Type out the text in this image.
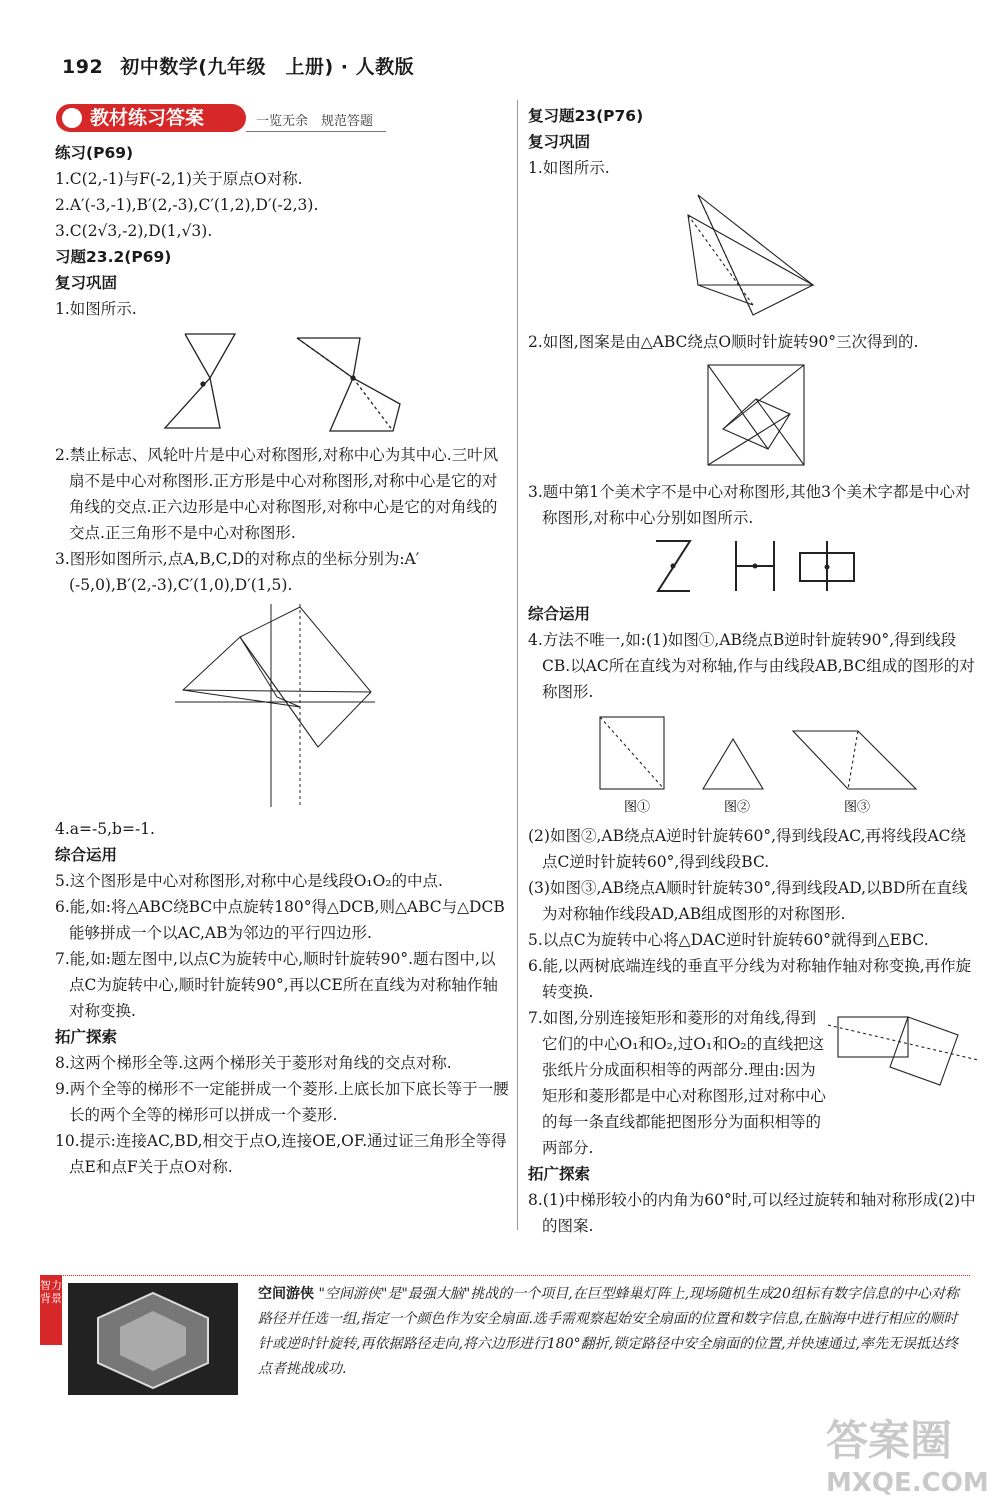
192 初中数学(九年级　上册) · 人教版
教材练习答案	一览无余　规范答题
练习(P69)

1.C(2,-1)与F(-2,1)关于原点O对称.

2.A′(-3,-1),B′(2,-3),C′(1,2),D′(-2,3).

3.C(2√3,-2),D(1,√3).

习题23.2(P69)
复习巩固

1.如图所示.

2.禁止标志、风轮叶片是中心对称图形,对称中心为其中心.三叶风扇不是中心对称图形.正方形是中心对称图形,对称中心是它的对角线的交点.正六边形是中心对称图形,对称中心是它的对角线的交点.正三角形不是中心对称图形.

3.图形如图所示,点A,B,C,D的对称点的坐标分别为:A′(-5,0),B′(2,-3),C′(1,0),D′(1,5).

4.a=-5,b=-1.

综合运用

5.这个图形是中心对称图形,对称中心是线段O₁O₂的中点.

6.能,如:将△ABC绕BC中点旋转180°得△DCB,则△ABC与△DCB能够拼成一个以AC,AB为邻边的平行四边形.

7.能,如:题左图中,以点C为旋转中心,顺时针旋转90°.题右图中,以点C为旋转中心,顺时针旋转90°,再以CE所在直线为对称轴作轴对称变换.

拓广探索

8.这两个梯形全等.这两个梯形关于菱形对角线的交点对称.

9.两个全等的梯形不一定能拼成一个菱形.上底长加下底长等于一腰长的两个全等的梯形可以拼成一个菱形.

10.提示:连接AC,BD,相交于点O,连接OE,OF.通过证三角形全等得点E和点F关于点O对称.

复习题23(P76)
复习巩固

1.如图所示.

2.如图,图案是由△ABC绕点O顺时针旋转90°三次得到的.

3.题中第1个美术字不是中心对称图形,其他3个美术字都是中心对称图形,对称中心分别如图所示.

综合运用

4.方法不唯一,如:(1)如图①,AB绕点B逆时针旋转90°,得到线段CB.以AC所在直线为对称轴,作与由线段AB,BC组成的图形的对称图形.

图①	图②	图③

(2)如图②,AB绕点A逆时针旋转60°,得到线段AC,再将线段AC绕点C逆时针旋转60°,得到线段BC.

(3)如图③,AB绕点A顺时针旋转30°,得到线段AD,以BD所在直线为对称轴作线段AD,AB组成图形的对称图形.

5.以点C为旋转中心将△DAC逆时针旋转60°就得到△EBC.

6.能,以两树底端连线的垂直平分线为对称轴作轴对称变换,再作旋转变换.

7.如图,分别连接矩形和菱形的对角线,得到它们的中心O₁和O₂,过O₁和O₂的直线把这张纸片分成面积相等的两部分.理由:因为矩形和菱形都是中心对称图形,过对称中心的每一条直线都能把图形分为面积相等的两部分.

拓广探索

8.(1)中梯形较小的内角为60°时,可以经过旋转和轴对称形成(2)中的图案.

智力背景	空间游侠 "空间游侠"是"最强大脑"挑战的一个项目,在巨型蜂巢灯阵上,现场随机生成20组标有数字信息的中心对称路径并任选一组,指定一个颜色作为安全扇面.选手需观察起始安全扇面的位置和数字信息,在脑海中进行相应的顺时针或逆时针旋转,再依据路径走向,将六边形进行180°翻折,锁定路径中安全扇面的位置,并快速通过,率先无误抵达终点者挑战成功.
答案圈
MXQE.COM
